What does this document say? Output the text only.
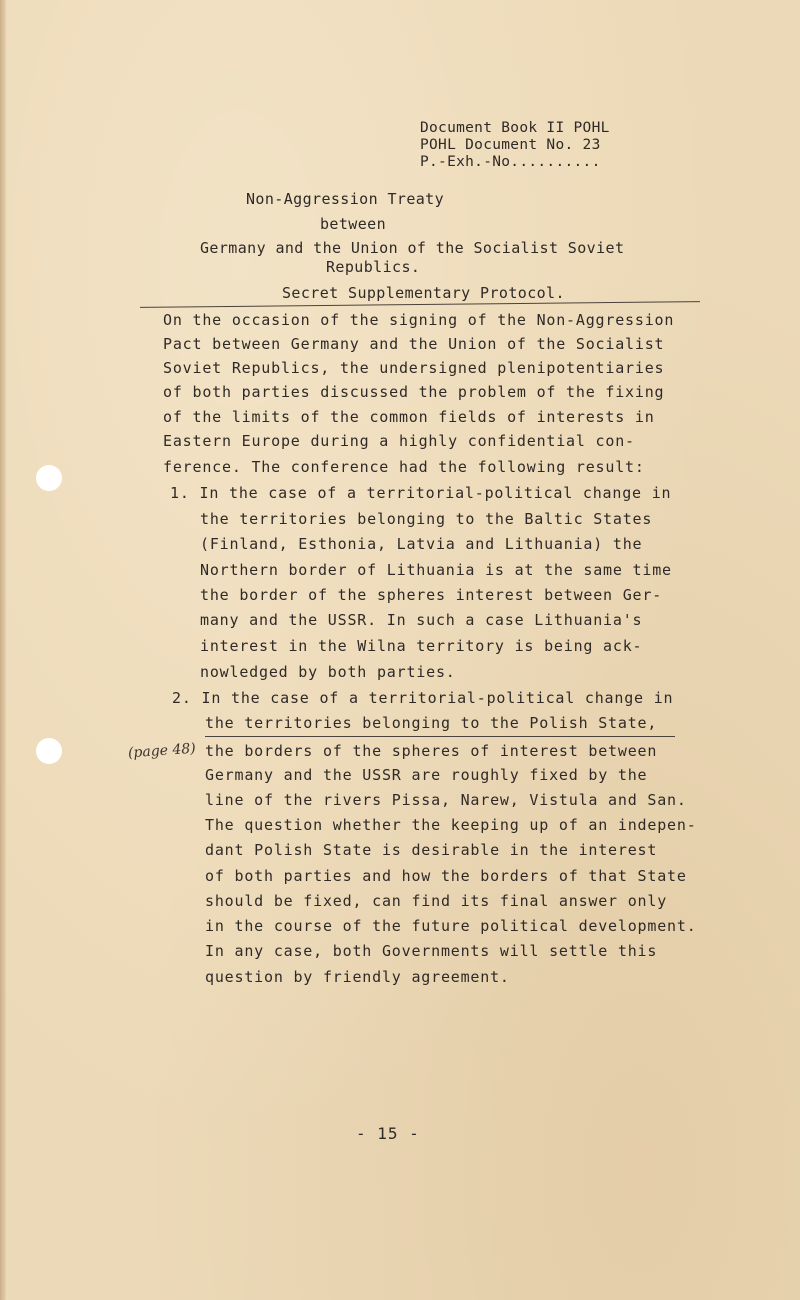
Document Book II POHL
POHL Document No. 23
P.-Exh.-No..........
Non-Aggression Treaty
between
Germany and the Union of the Socialist Soviet
Republics.
Secret Supplementary Protocol.
On the occasion of the signing of the Non-Aggression
Pact between Germany and the Union of the Socialist
Soviet Republics, the undersigned plenipotentiaries
of both parties discussed the problem of the fixing
of the limits of the common fields of interests in
Eastern Europe during a highly confidential con-
ference. The conference had the following result:
1. In the case of a territorial-political change in
the territories belonging to the Baltic States
(Finland, Esthonia, Latvia and Lithuania) the
Northern border of Lithuania is at the same time
the border of the spheres interest between Ger-
many and the USSR. In such a case Lithuania's
interest in the Wilna territory is being ack-
nowledged by both parties.
2. In the case of a territorial-political change in
the territories belonging to the Polish State,
(page 48) the borders of the spheres of interest between
Germany and the USSR are roughly fixed by the
line of the rivers Pissa, Narew, Vistula and San.
The question whether the keeping up of an indepen-
dant Polish State is desirable in the interest
of both parties and how the borders of that State
should be fixed, can find its final answer only
in the course of the future political development.
In any case, both Governments will settle this
question by friendly agreement.
- 15 -
